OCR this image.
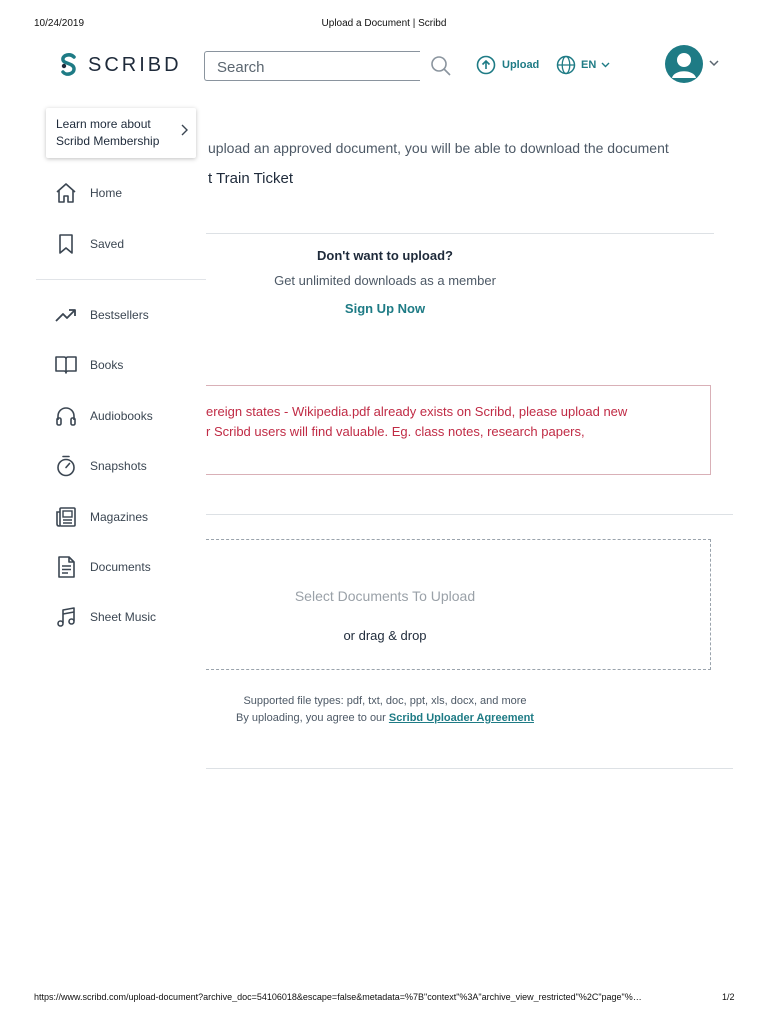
10/24/2019	Upload a Document | Scribd
SCRIBD
Search	Upload	EN
upload an approved document, you will be able to download the document
t Train Ticket
Don't want to upload?
Get unlimited downloads as a member
Sign Up Now
ereign states - Wikipedia.pdf already exists on Scribd, please upload new
r Scribd users will find valuable. Eg. class notes, research papers,
Select Documents To Upload
or drag & drop
Supported file types: pdf, txt, doc, ppt, xls, docx, and more
By uploading, you agree to our Scribd Uploader Agreement
Learn more about
Scribd Membership
Home
Saved
Bestsellers
Books
Audiobooks
Snapshots
Magazines
Documents
Sheet Music
https://www.scribd.com/upload-document?archive_doc=54106018&escape=false&metadata=%7B"context"%3A"archive_view_restricted"%2C"page"%…	1/2
